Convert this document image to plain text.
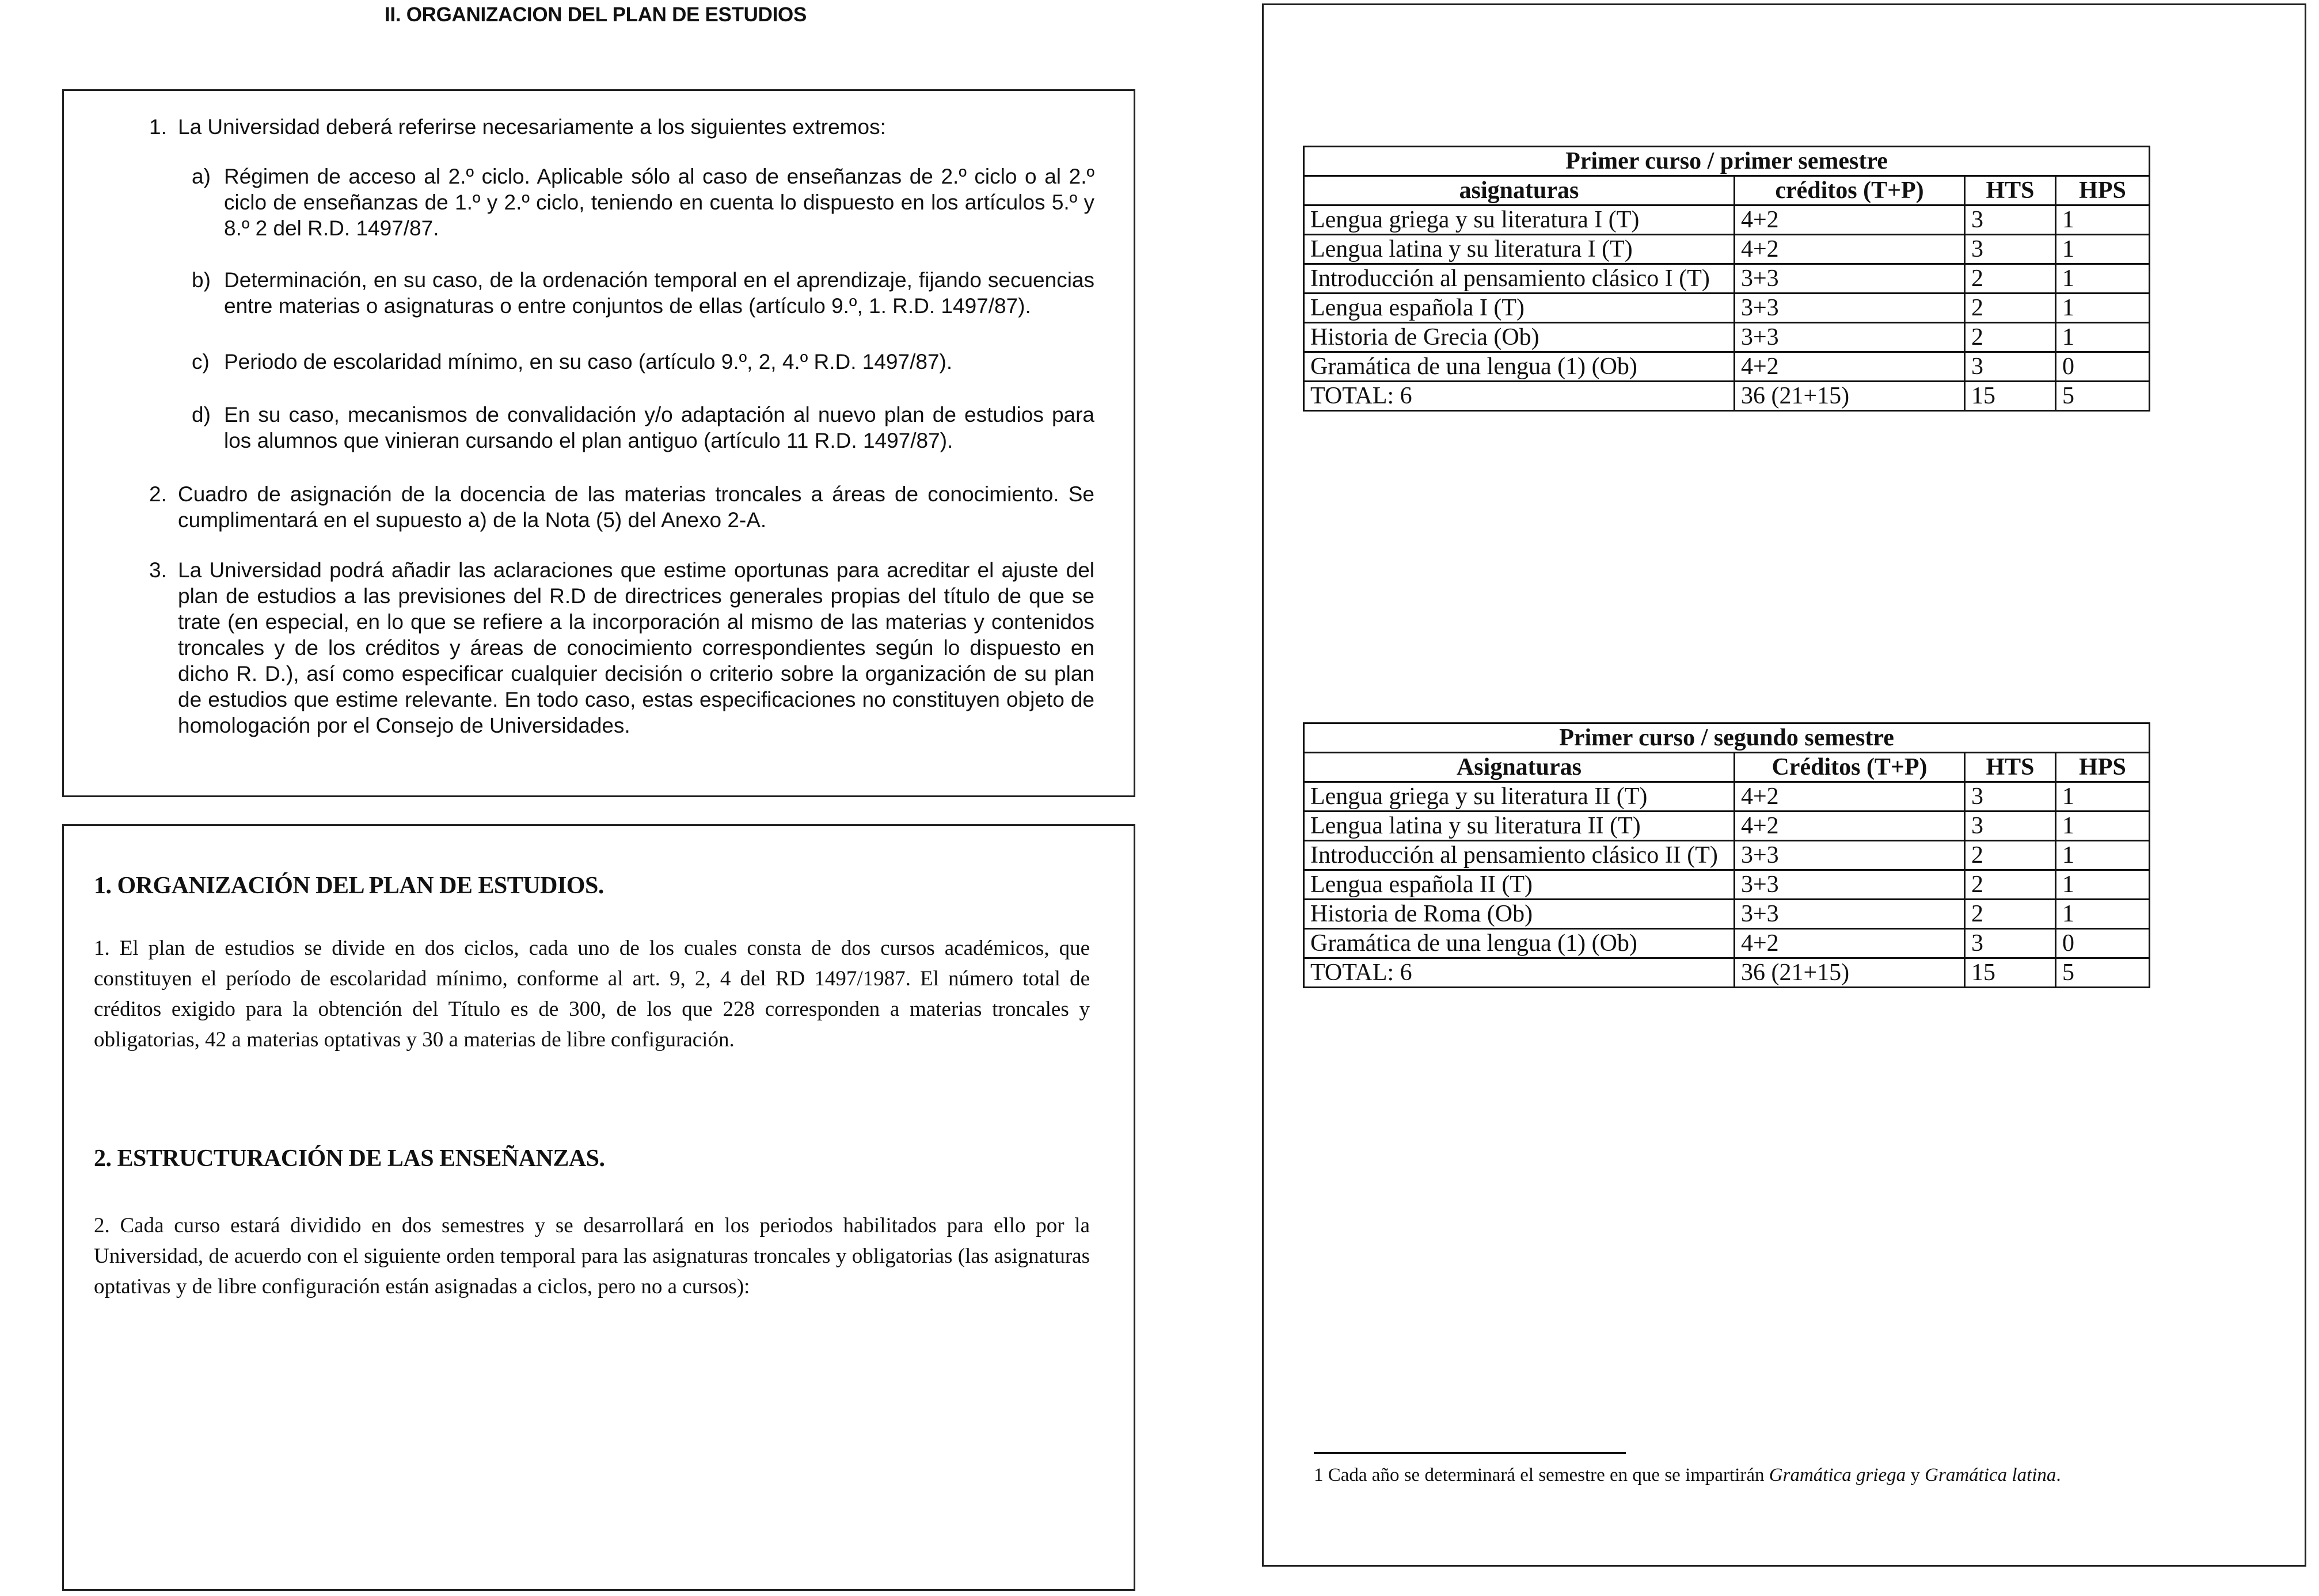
II. ORGANIZACION DEL PLAN DE ESTUDIOS
1. La Universidad deberá referirse necesariamente a los siguientes extremos:
a) Régimen de acceso al 2.º ciclo. Aplicable sólo al caso de enseñanzas de 2.º ciclo o al 2.º ciclo de enseñanzas de 1.º y 2.º ciclo, teniendo en cuenta lo dispuesto en los artículos 5.º y 8.º 2 del R.D. 1497/87.
b) Determinación, en su caso, de la ordenación temporal en el aprendizaje, fijando secuencias entre materias o asignaturas o entre conjuntos de ellas (artículo 9.º, 1. R.D. 1497/87).
c) Periodo de escolaridad mínimo, en su caso (artículo 9.º, 2, 4.º R.D. 1497/87).
d) En su caso, mecanismos de convalidación y/o adaptación al nuevo plan de estudios para los alumnos que vinieran cursando el plan antiguo (artículo 11 R.D. 1497/87).
2. Cuadro de asignación de la docencia de las materias troncales a áreas de conocimiento. Se cumplimentará en el supuesto a) de la Nota (5) del Anexo 2-A.
3. La Universidad podrá añadir las aclaraciones que estime oportunas para acreditar el ajuste del plan de estudios a las previsiones del R.D de directrices generales propias del título de que se trate (en especial, en lo que se refiere a la incorporación al mismo de las materias y contenidos troncales y de los créditos y áreas de conocimiento correspondientes según lo dispuesto en dicho R. D.), así como especificar cualquier decisión o criterio sobre la organización de su plan de estudios que estime relevante. En todo caso, estas especificaciones no constituyen objeto de homologación por el Consejo de Universidades.
1. ORGANIZACIÓN DEL PLAN DE ESTUDIOS.
1. El plan de estudios se divide en dos ciclos, cada uno de los cuales consta de dos cursos académicos, que constituyen el período de escolaridad mínimo, conforme al art. 9, 2, 4 del RD 1497/1987. El número total de créditos exigido para la obtención del Título es de 300, de los que 228 corresponden a materias troncales y obligatorias, 42 a materias optativas y 30 a materias de libre configuración.
2. ESTRUCTURACIÓN DE LAS ENSEÑANZAS.
2. Cada curso estará dividido en dos semestres y se desarrollará en los periodos habilitados para ello por la Universidad, de acuerdo con el siguiente orden temporal para las asignaturas troncales y obligatorias (las asignaturas optativas y de libre configuración están asignadas a ciclos, pero no a cursos):
Primer curso / primer semestre			
asignaturas	créditos (T+P)	HTS	HPS
Lengua griega y su literatura I (T)	4+2	3	1
Lengua latina y su literatura I (T)	4+2	3	1
Introducción al pensamiento clásico I (T)	3+3	2	1
Lengua española I (T)	3+3	2	1
Historia de Grecia (Ob)	3+3	2	1
Gramática de una lengua (1) (Ob)	4+2	3	0
TOTAL: 6	36 (21+15)	15	5
Primer curso / segundo semestre			
Asignaturas	Créditos (T+P)	HTS	HPS
Lengua griega y su literatura II (T)	4+2	3	1
Lengua latina y su literatura II (T)	4+2	3	1
Introducción al pensamiento clásico II (T)	3+3	2	1
Lengua española II (T)	3+3	2	1
Historia de Roma (Ob)	3+3	2	1
Gramática de una lengua (1) (Ob)	4+2	3	0
TOTAL: 6	36 (21+15)	15	5
1 Cada año se determinará el semestre en que se impartirán Gramática griega y Gramática latina.
